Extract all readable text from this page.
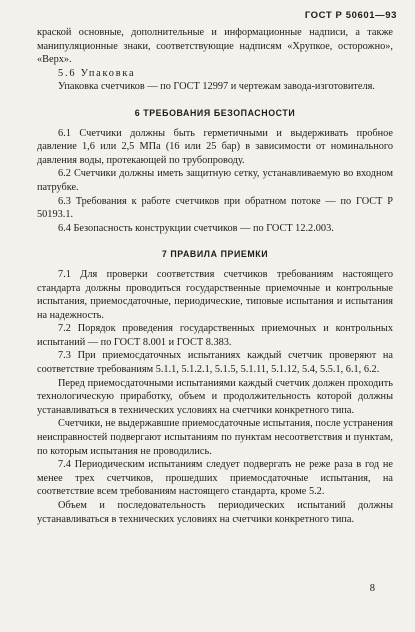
ГОСТ Р 50601—93

краской основные, дополнительные и информационные надписи, а также манипуляционные знаки, соответствующие надписям «Хрупкое, осторожно», «Верх».

5.6 Упаковка

Упаковка счетчиков — по ГОСТ 12997 и чертежам завода-изготовителя.

6 ТРЕБОВАНИЯ БЕЗОПАСНОСТИ

6.1 Счетчики должны быть герметичными и выдерживать пробное давление 1,6 или 2,5 МПа (16 или 25 бар) в зависимости от номинального давления воды, протекающей по трубопроводу.

6.2 Счетчики должны иметь защитную сетку, устанавливаемую во входном патрубке.

6.3 Требования к работе счетчиков при обратном потоке — по ГОСТ Р 50193.1.

6.4 Безопасность конструкции счетчиков — по ГОСТ 12.2.003.

7 ПРАВИЛА ПРИЕМКИ

7.1 Для проверки соответствия счетчиков требованиям настоящего стандарта должны проводиться государственные приемочные и контрольные испытания, приемосдаточные, периодические, типовые испытания и испытания на надежность.

7.2 Порядок проведения государственных приемочных и контрольных испытаний — по ГОСТ 8.001 и ГОСТ 8.383.

7.3 При приемосдаточных испытаниях каждый счетчик проверяют на соответствие требованиям 5.1.1, 5.1.2.1, 5.1.5, 5.1.11, 5.1.12, 5.4, 5.5.1, 6.1, 6.2.

Перед приемосдаточными испытаниями каждый счетчик должен проходить технологическую приработку, объем и продолжительность которой должны устанавливаться в технических условиях на счетчики конкретного типа.

Счетчики, не выдержавшие приемосдаточные испытания, после устранения неисправностей подвергают испытаниям по пунктам несоответствия и пунктам, по которым испытания не проводились.

7.4 Периодическим испытаниям следует подвергать не реже раза в год не менее трех счетчиков, прошедших приемосдаточные испытания, на соответствие всем требованиям настоящего стандарта, кроме 5.2.

Объем и последовательность периодических испытаний должны устанавливаться в технических условиях на счетчики конкретного типа.

8
